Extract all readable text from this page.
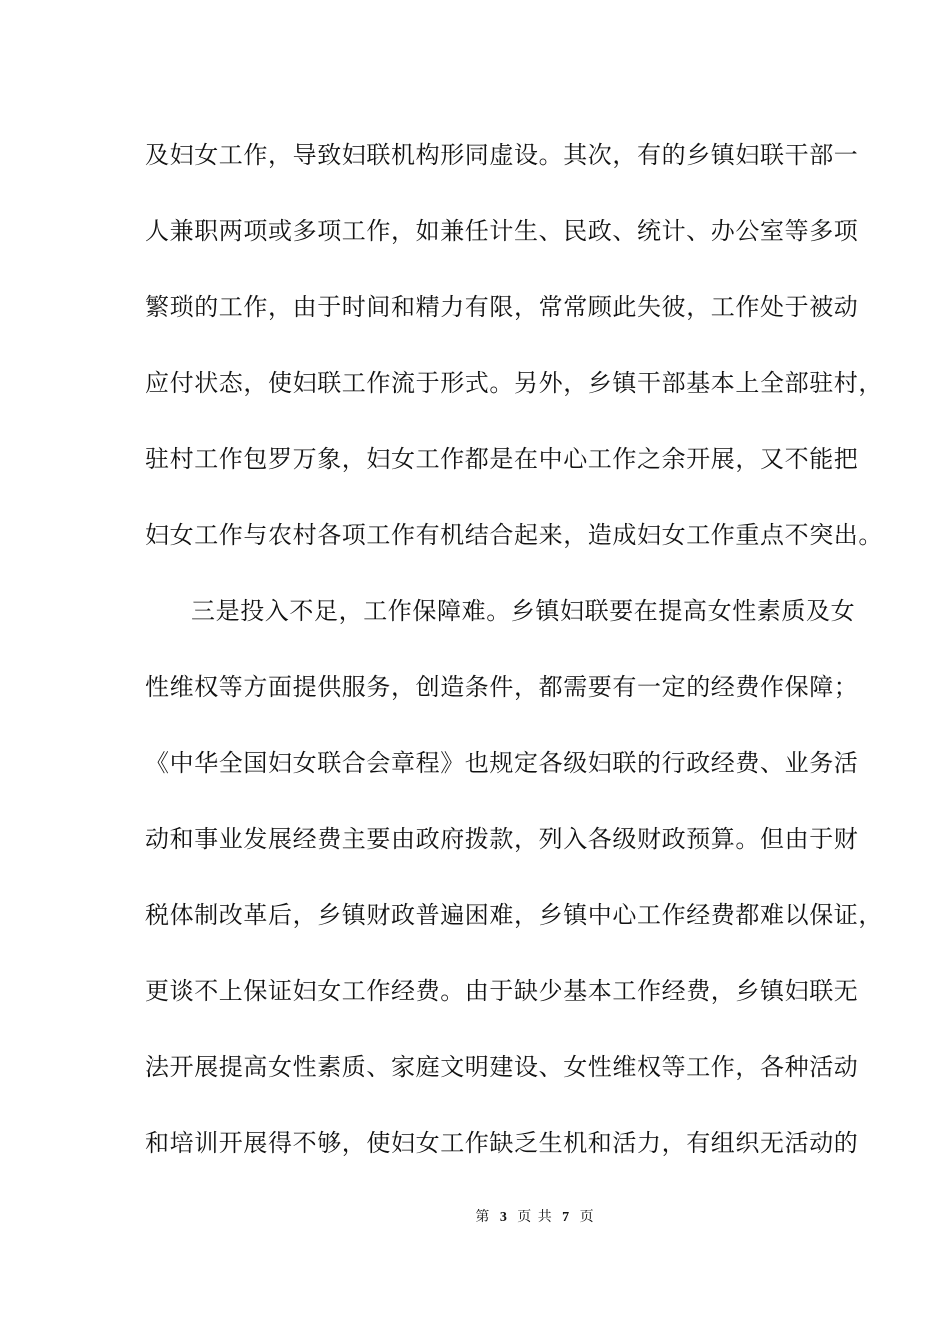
及妇女工作，导致妇联机构形同虚设。其次，有的乡镇妇联干部一
人兼职两项或多项工作，如兼任计生、民政、统计、办公室等多项
繁琐的工作，由于时间和精力有限，常常顾此失彼，工作处于被动
应付状态，使妇联工作流于形式。另外，乡镇干部基本上全部驻村，
驻村工作包罗万象，妇女工作都是在中心工作之余开展，又不能把
妇女工作与农村各项工作有机结合起来，造成妇女工作重点不突出。
三是投入不足，工作保障难。乡镇妇联要在提高女性素质及女
性维权等方面提供服务，创造条件，都需要有一定的经费作保障；
《中华全国妇女联合会章程》也规定各级妇联的行政经费、业务活
动和事业发展经费主要由政府拨款，列入各级财政预算。但由于财
税体制改革后，乡镇财政普遍困难，乡镇中心工作经费都难以保证，
更谈不上保证妇女工作经费。由于缺少基本工作经费，乡镇妇联无
法开展提高女性素质、家庭文明建设、女性维权等工作，各种活动
和培训开展得不够，使妇女工作缺乏生机和活力，有组织无活动的
第 3 页 共 7 页
